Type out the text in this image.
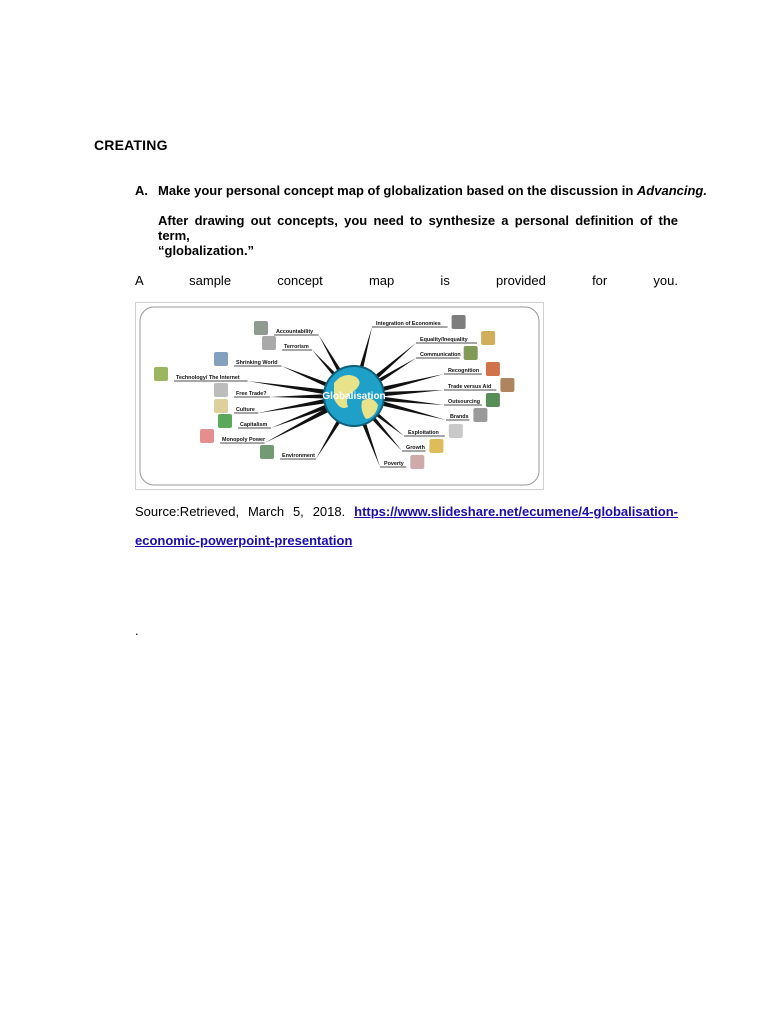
CREATING
A. Make your personal concept map of globalization based on the discussion in Advancing.
After drawing out concepts, you need to synthesize a personal definition of the term,
“globalization.”
A sample concept map is provided for you.
Accountability
Terrorism
Shrinking World
Technology/ The Internet
Free Trade?
Culture
Capitalism
Monopoly Power
Environment
Integration of Economies
Equality/Inequality
Communication
Recognition
Trade versus Aid
Outsourcing
Brands
Exploitation
Growth
Poverty
Globalisation
Source:Retrieved, March 5, 2018. https://www.slideshare.net/ecumene/4-globalisation-
economic-powerpoint-presentation
.
